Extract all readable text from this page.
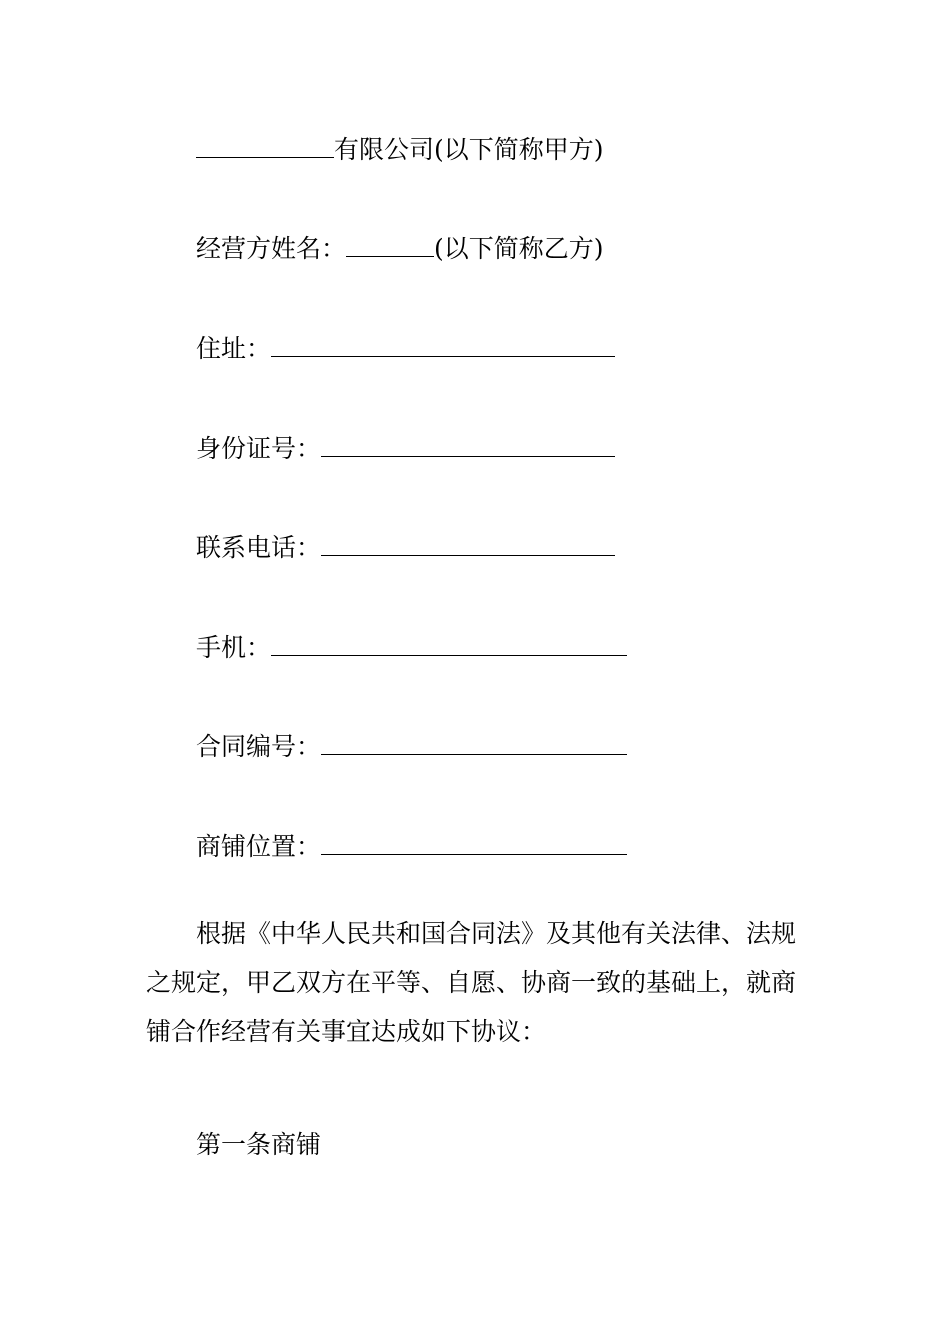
有限公司(以下简称甲方)
经营方姓名：	(以下简称乙方)
住址：
身份证号：
联系电话：
手机：
合同编号：
商铺位置：

根据《中华人民共和国合同法》及其他有关法律、法规之规定，甲乙双方在平等、自愿、协商一致的基础上，就商铺合作经营有关事宜达成如下协议：

第一条商铺
